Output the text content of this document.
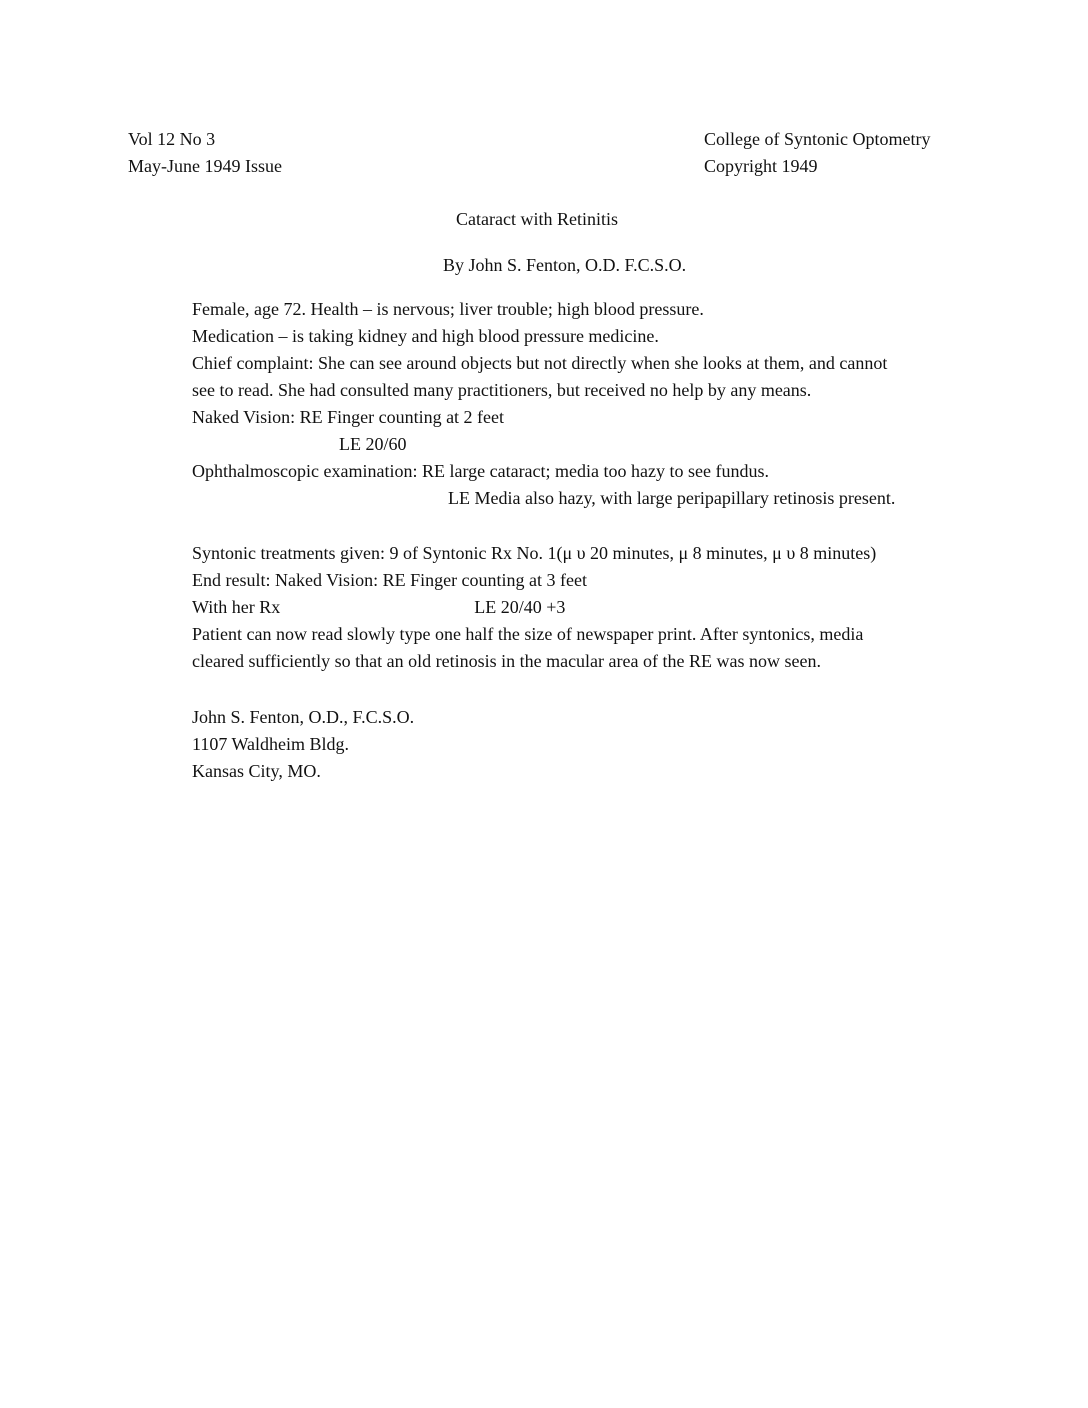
Vol 12 No 3
May-June 1949 Issue
College of Syntonic Optometry
Copyright 1949
Cataract with Retinitis
By John S. Fenton, O.D. F.C.S.O.
Female, age 72. Health – is nervous; liver trouble; high blood pressure.
Medication – is taking kidney and high blood pressure medicine.
Chief complaint: She can see around objects but not directly when she looks at them, and cannot
see to read. She had consulted many practitioners, but received no help by any means.
Naked Vision: RE Finger counting at 2 feet
LE 20/60
Ophthalmoscopic examination: RE large cataract; media too hazy to see fundus.
LE Media also hazy, with large peripapillary retinosis present.
Syntonic treatments given: 9 of Syntonic Rx No. 1(μ υ 20 minutes, μ 8 minutes, μ υ 8 minutes)
End result: Naked Vision: RE Finger counting at 3 feet
With her Rx	LE 20/40 +3
Patient can now read slowly type one half the size of newspaper print. After syntonics, media
cleared sufficiently so that an old retinosis in the macular area of the RE was now seen.
John S. Fenton, O.D., F.C.S.O.
1107 Waldheim Bldg.
Kansas City, MO.
